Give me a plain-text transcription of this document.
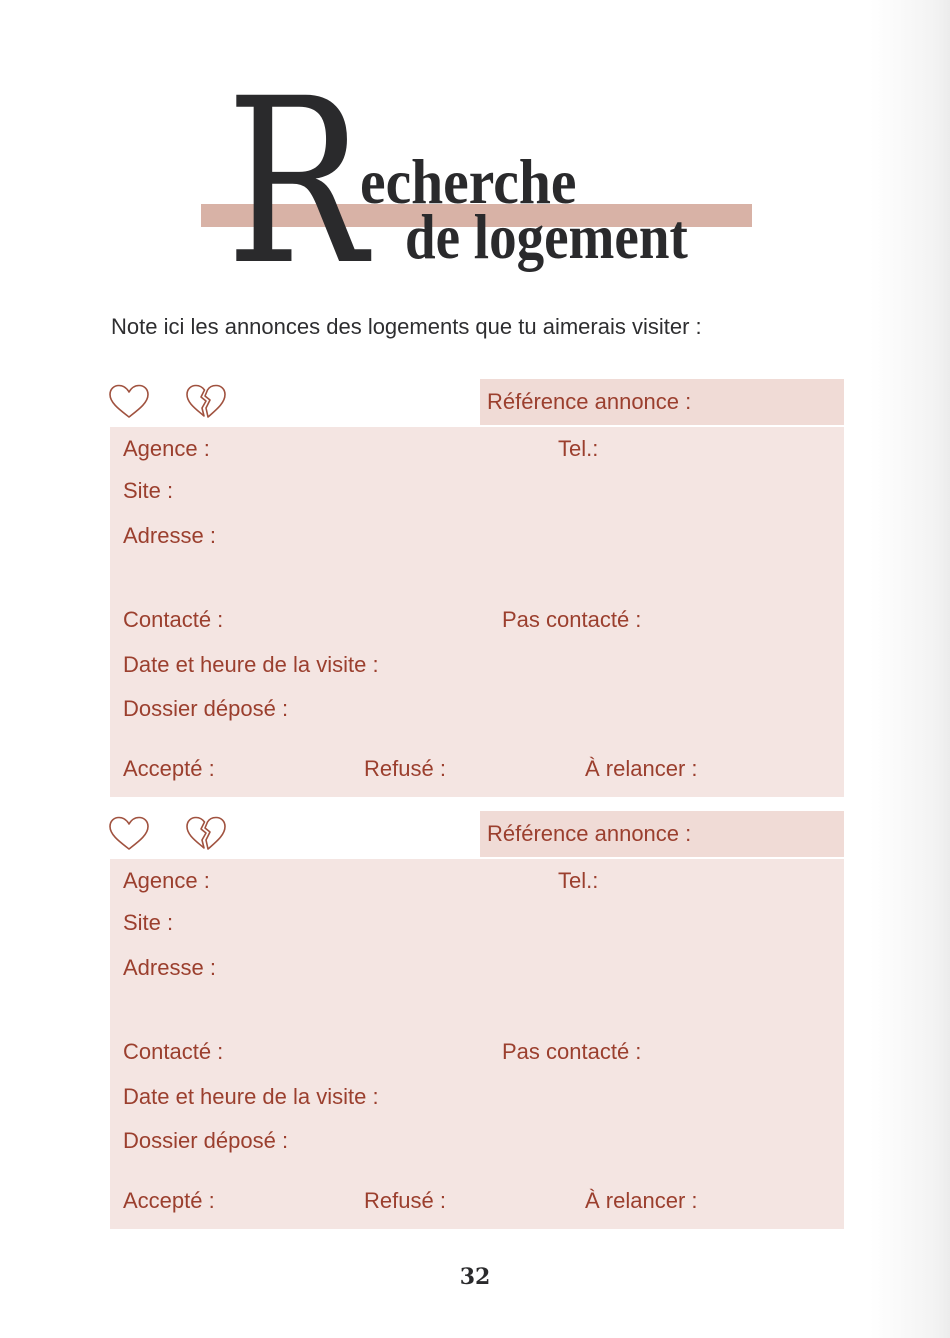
R
echerche
de logement
Note ici les annonces des logements que tu aimerais visiter :
Référence annonce :
Agence :	Tel.:
Site :
Adresse :
Contacté :	Pas contacté :
Date et heure de la visite :
Dossier déposé :
Accepté :	Refusé :	À relancer :
Référence annonce :
Agence :	Tel.:
Site :
Adresse :
Contacté :	Pas contacté :
Date et heure de la visite :
Dossier déposé :
Accepté :	Refusé :	À relancer :
32
